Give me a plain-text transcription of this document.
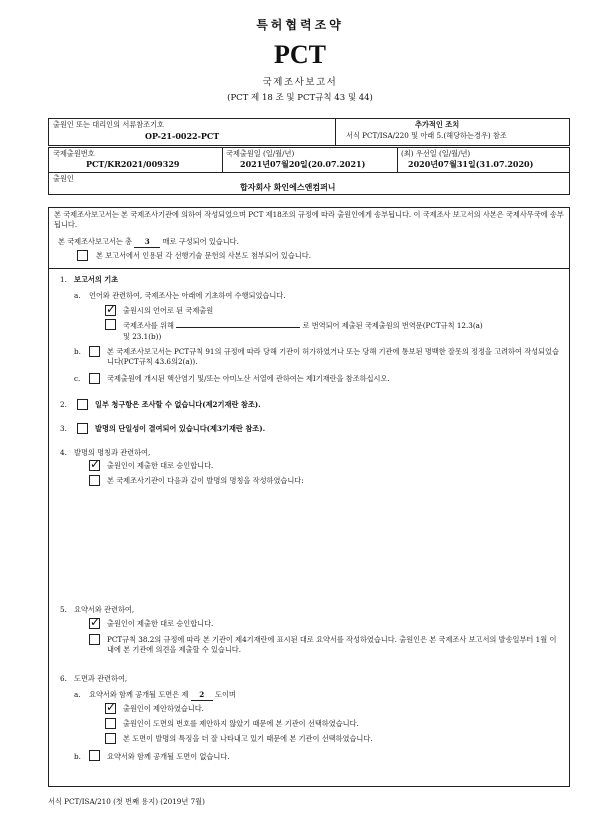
특허협력조약
PCT
국제조사보고서
(PCT 제 18 조 및 PCT규칙 43 및 44)
출원인 또는 대리인의 서류참조기호
OP-21-0022-PCT
추가적인 조치
서식 PCT/ISA/220 및 아래 5.(해당하는경우) 참조
국제출원번호
PCT/KR2021/009329
국제출원일 (일/월/년)
2021년07월20일(20.07.2021)
(최) 우선일 (일/월/년)
2020년07월31일(31.07.2020)
출원인
합자회사 화인에스앤컴퍼니
본 국제조사보고서는 본 국제조사기관에 의하여 작성되었으며 PCT 제18조의 규정에 따라 출원인에게 송부됩니다. 이 국제조사 보고서의 사본은 국제사무국에 송부됩니다.
본 국제조사보고서는 총 3 매로 구성되어 있습니다.
본 보고서에서 인용된 각 선행기술 문헌의 사본도 첨부되어 있습니다.
1. 보고서의 기초
a. 언어와 관련하여, 국제조사는 아래에 기초하여 수행되었습니다.
✓
출원시의 언어로 된 국제출원
국제조사를 위해	로 번역되어 제출된 국제출원의 번역문(PCT규칙 12.3(a)
및 23.1(b))
b.	본 국제조사보고서는 PCT규칙 91의 규정에 따라 당해 기관이 허가하였거나 또는 당해 기관에 통보된 명백한 잘못의 정정을 고려하여 작성되었습니다(PCT규칙 43.6의2(a)).
c.	국제출원에 개시된 핵산염기 및/또는 아미노산 서열에 관하여는 제I기재란을 참조하십시오.
2.	일부 청구항은 조사할 수 없습니다(제2기재란 참조).
3.	발명의 단일성이 결여되어 있습니다(제3기재란 참조).
4. 발명의 명칭과 관련하여,
✓
출원인이 제출한 대로 승인합니다.
본 국제조사기관이 다음과 같이 발명의 명칭을 작성하였습니다:
5. 요약서와 관련하여,
✓
출원인이 제출한 대로 승인합니다.
PCT규칙 38.2의 규정에 따라 본 기관이 제4기재란에 표시된 대로 요약서를 작성하였습니다. 출원인은 본 국제조사 보고서의 발송일부터 1월 이내에 본 기관에 의견을 제출할 수 있습니다.
6. 도면과 관련하여,
a. 요약서와 함께 공개될 도면은 제 2 도이며
✓
출원인이 제안하였습니다.
출원인이 도면의 번호를 제안하지 않았기 때문에 본 기관이 선택하였습니다.
본 도면이 발명의 특징을 더 잘 나타내고 있기 때문에 본 기관이 선택하였습니다.
b.	요약서와 함께 공개될 도면이 없습니다.
서식 PCT/ISA/210 (첫 번째 용지) (2019년 7월)
